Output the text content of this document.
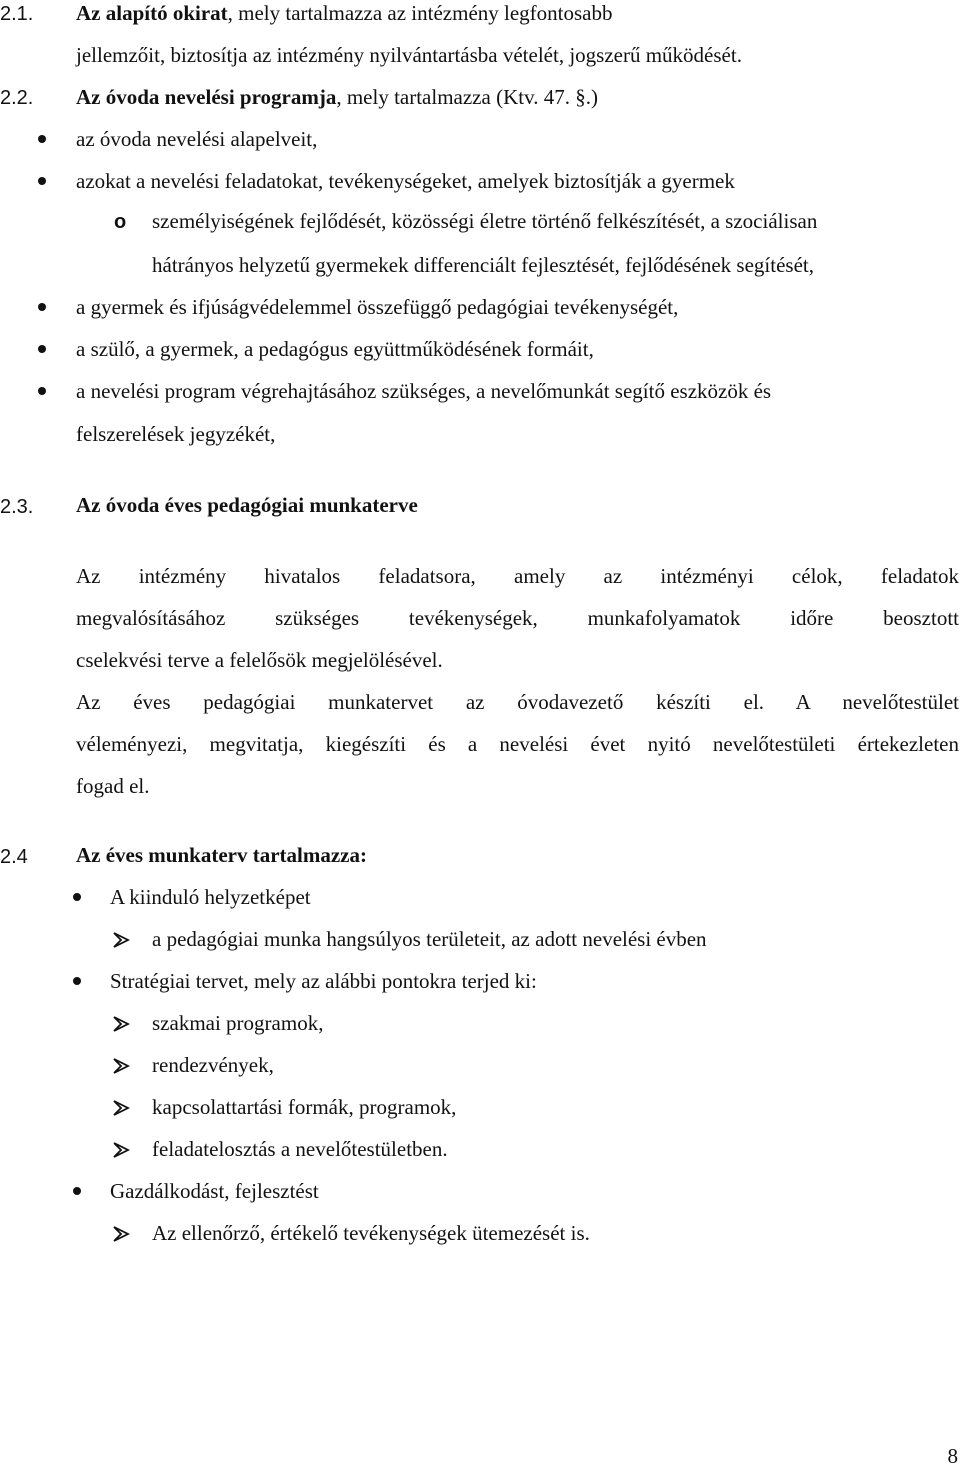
2.1. Az alapító okirat, mely tartalmazza az intézmény legfontosabb
jellemzőit, biztosítja az intézmény nyilvántartásba vételét, jogszerű működését.
2.2. Az óvoda nevelési programja, mely tartalmazza (Ktv. 47. §.)
az óvoda nevelési alapelveit,
azokat a nevelési feladatokat, tevékenységeket, amelyek biztosítják a gyermek
o személyiségének fejlődését, közösségi életre történő felkészítését, a szociálisan
hátrányos helyzetű gyermekek differenciált fejlesztését, fejlődésének segítését,
a gyermek és ifjúságvédelemmel összefüggő pedagógiai tevékenységét,
a szülő, a gyermek, a pedagógus együttműködésének formáit,
a nevelési program végrehajtásához szükséges, a nevelőmunkát segítő eszközök és
felszerelések jegyzékét,
2.3. Az óvoda éves pedagógiai munkaterve
Az intézmény hivatalos feladatsora, amely az intézményi célok, feladatok
megvalósításához szükséges tevékenységek, munkafolyamatok időre beosztott
cselekvési terve a felelősök megjelölésével.
Az éves pedagógiai munkatervet az óvodavezető készíti el. A nevelőtestület
véleményezi, megvitatja, kiegészíti és a nevelési évet nyitó nevelőtestületi értekezleten
fogad el.
2.4 Az éves munkaterv tartalmazza:
A kiinduló helyzetképet
a pedagógiai munka hangsúlyos területeit, az adott nevelési évben
Stratégiai tervet, mely az alábbi pontokra terjed ki:
szakmai programok,
rendezvények,
kapcsolattartási formák, programok,
feladatelosztás a nevelőtestületben.
Gazdálkodást, fejlesztést
Az ellenőrző, értékelő tevékenységek ütemezését is.
8
